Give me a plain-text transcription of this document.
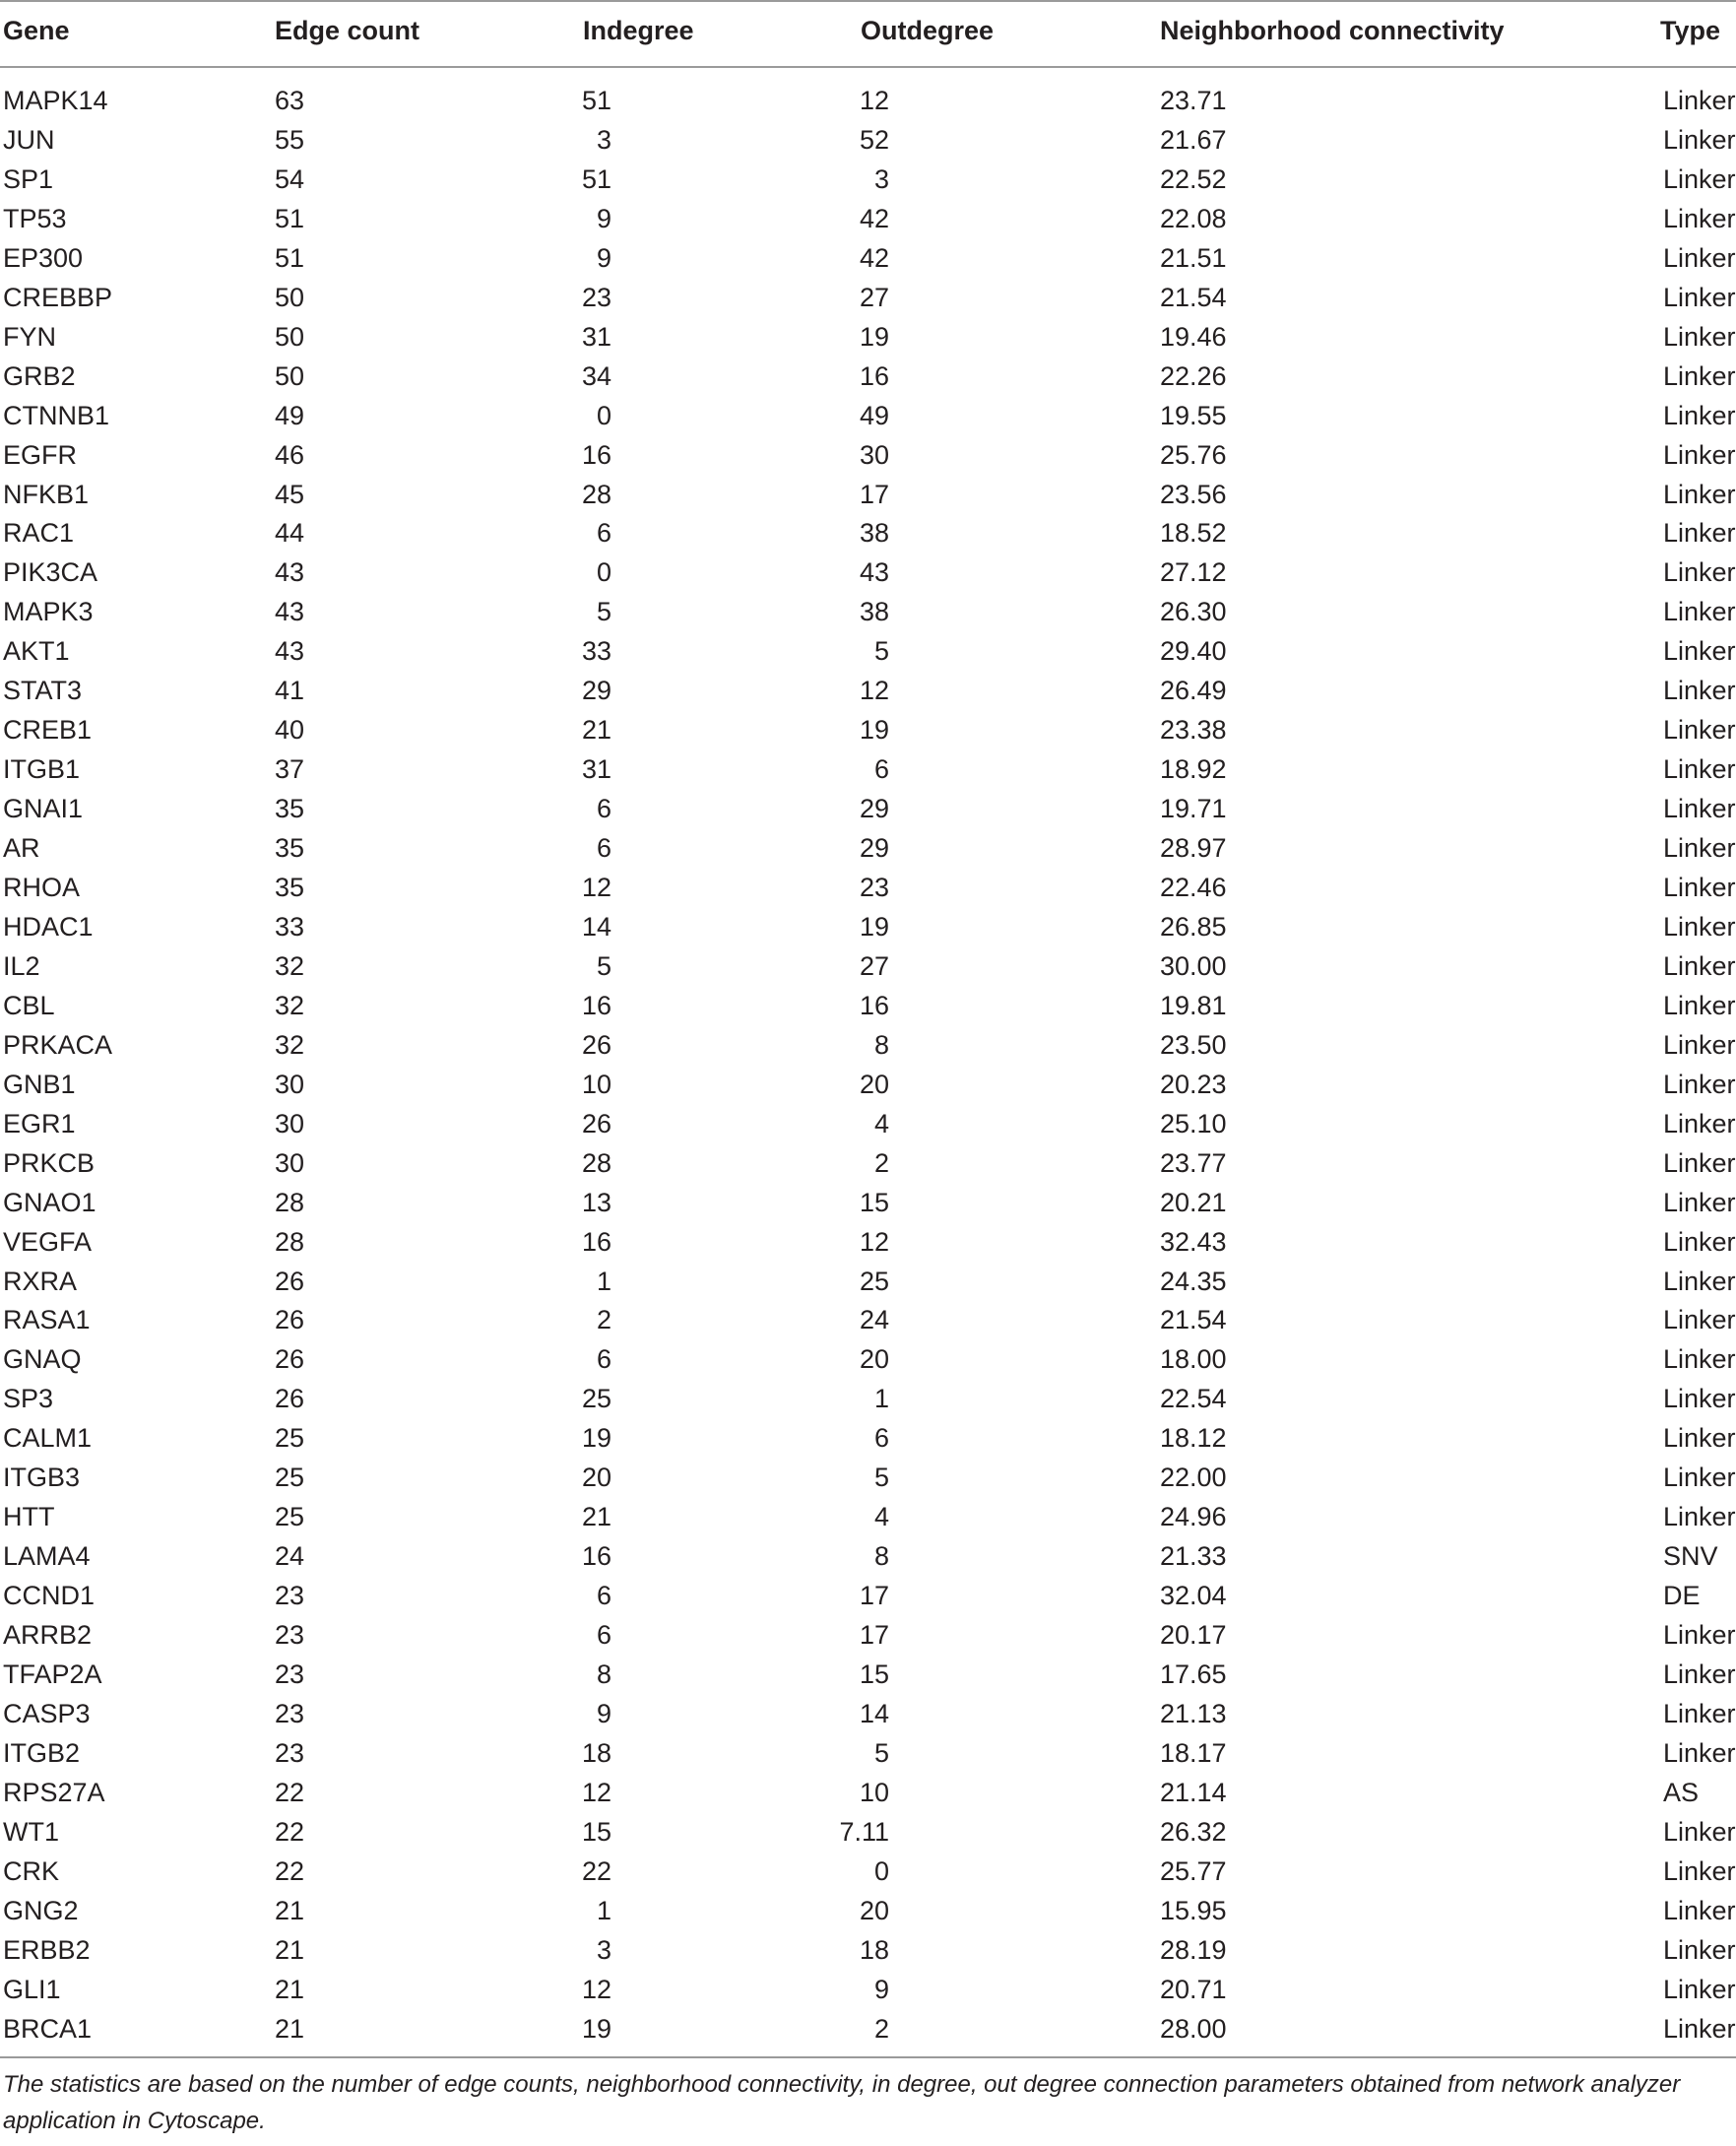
Gene	Edge count	Indegree	Outdegree	Neighborhood connectivity	Type
MAPK14	63	51	12	23.71	Linker
JUN	55	3	52	21.67	Linker
SP1	54	51	3	22.52	Linker
TP53	51	9	42	22.08	Linker
EP300	51	9	42	21.51	Linker
CREBBP	50	23	27	21.54	Linker
FYN	50	31	19	19.46	Linker
GRB2	50	34	16	22.26	Linker
CTNNB1	49	0	49	19.55	Linker
EGFR	46	16	30	25.76	Linker
NFKB1	45	28	17	23.56	Linker
RAC1	44	6	38	18.52	Linker
PIK3CA	43	0	43	27.12	Linker
MAPK3	43	5	38	26.30	Linker
AKT1	43	33	5	29.40	Linker
STAT3	41	29	12	26.49	Linker
CREB1	40	21	19	23.38	Linker
ITGB1	37	31	6	18.92	Linker
GNAI1	35	6	29	19.71	Linker
AR	35	6	29	28.97	Linker
RHOA	35	12	23	22.46	Linker
HDAC1	33	14	19	26.85	Linker
IL2	32	5	27	30.00	Linker
CBL	32	16	16	19.81	Linker
PRKACA	32	26	8	23.50	Linker
GNB1	30	10	20	20.23	Linker
EGR1	30	26	4	25.10	Linker
PRKCB	30	28	2	23.77	Linker
GNAO1	28	13	15	20.21	Linker
VEGFA	28	16	12	32.43	Linker
RXRA	26	1	25	24.35	Linker
RASA1	26	2	24	21.54	Linker
GNAQ	26	6	20	18.00	Linker
SP3	26	25	1	22.54	Linker
CALM1	25	19	6	18.12	Linker
ITGB3	25	20	5	22.00	Linker
HTT	25	21	4	24.96	Linker
LAMA4	24	16	8	21.33	SNV
CCND1	23	6	17	32.04	DE
ARRB2	23	6	17	20.17	Linker
TFAP2A	23	8	15	17.65	Linker
CASP3	23	9	14	21.13	Linker
ITGB2	23	18	5	18.17	Linker
RPS27A	22	12	10	21.14	AS
WT1	22	15	7.11	26.32	Linker
CRK	22	22	0	25.77	Linker
GNG2	21	1	20	15.95	Linker
ERBB2	21	3	18	28.19	Linker
GLI1	21	12	9	20.71	Linker
BRCA1	21	19	2	28.00	Linker
The statistics are based on the number of edge counts, neighborhood connectivity, in degree, out degree connection parameters obtained from network analyzer application in Cytoscape.
